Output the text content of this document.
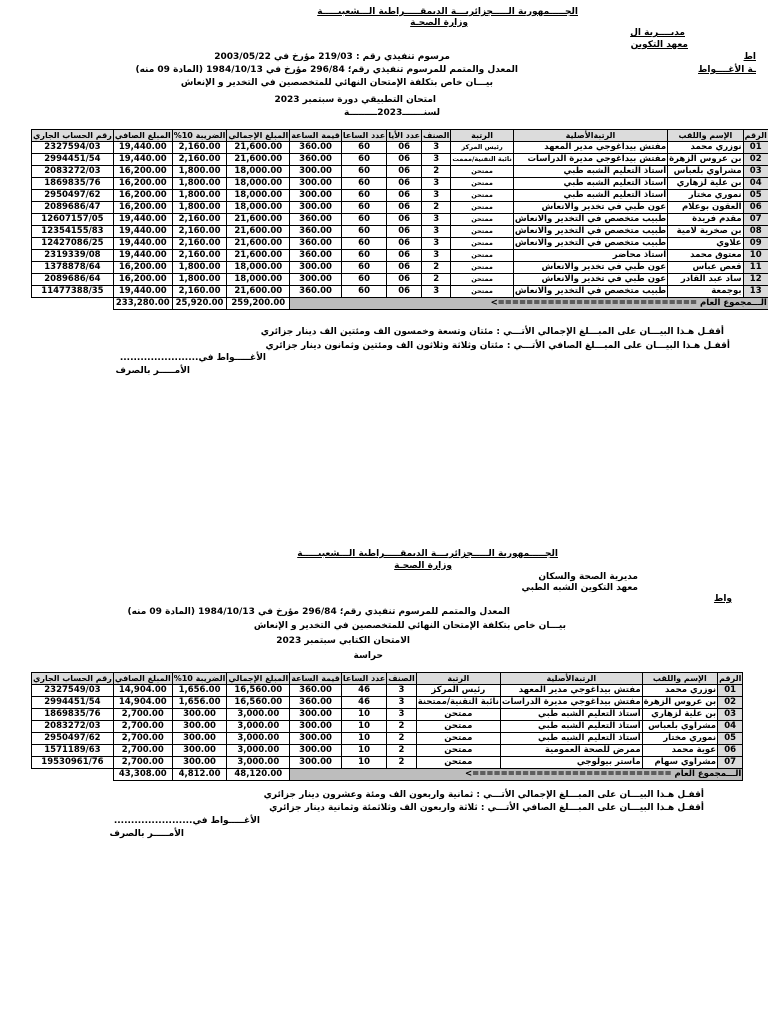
الجـــــمهورية الـــــجزائريـــة الديمقـــــراطية الـــشعبيـــــة
وزارة الصحـة
مديــــرية ال
معهد التكوين
اط
مرسوم تنفيذي رقم : 219/03 مؤرخ في 2003/05/22
المعدل والمتمم للمرسوم تنفيذي رقم؛ 296/84 مؤرخ في 1984/10/13 (المادة 09 منه)	ـة الأغــــواط
بيـــان خاص بتكلفة الإمتحان النهائي للمتخصصين في التخدير و الإنعاش
امتحان التطبيقي دورة سبتمبر 2023
لسنـــــــ2023ـــــــــة
رقم الحساب الجاري	المبلغ الصافي	%الضريبة 10	المبلغ الإجمالي	قيمة الساعة	عدد الساعا	عدد الأيا	الصنف	الرتبة	الرتبةالأصلية	الإسم واللقب	الرقم
2327594/03	19,440.00	2,160.00	21,600.00	360.00	60	06	3	رئيس المركز	مفتش بيداغوجي مدير المعهد	نوزري محمد	01
2994451/54	19,440.00	2,160.00	21,600.00	360.00	60	06	3	نائبة التقنية/مممت	مفتش بيداغوجي مديرة الدراسات	بن عروس الزهرة	02
2083272/03	16,200.00	1,800.00	18,000.00	300.00	60	06	2	ممتحن	أستاذ التعليم الشبه طبي	مشراوي بلعباس	03
1869835/76	16,200.00	1,800.00	18,000.00	300.00	60	06	3	ممتحن	أستاذ التعليم الشبه طبي	بن علية لزهاري	04
2950497/62	16,200.00	1,800.00	18,000.00	300.00	60	06	3	ممتحن	أستاذ التعليم الشبه طبي	نموري مختار	05
2089686/47	16,200.00	1,800.00	18,000.00	300.00	60	06	2	ممتحن	عون طبي في تخدير والانعاش	العقون بوعلام	06
12607157/05	19,440.00	2,160.00	21,600.00	360.00	60	06	3	ممتحن	طبيب متخصص في التخدير والانعاش	مقدم فريدة	07
12354155/83	19,440.00	2,160.00	21,600.00	360.00	60	06	3	ممتحن	طبيب متخصص في التخدير والانعاش	بن صخرية لامية	08
12427086/25	19,440.00	2,160.00	21,600.00	360.00	60	06	3	ممتحن	طبيب متخصص في التخدير والانعاش	علاوي	09
2319339/08	19,440.00	2,160.00	21,600.00	360.00	60	06	3	ممتحن	استاذ محاضر	معتوق محمد	10
1378878/64	16,200.00	1,800.00	18,000.00	300.00	60	06	2	ممتحن	عون طبي في تخدير والانعاش	قعص عباس	11
2089686/64	16,200.00	1,800.00	18,000.00	300.00	60	06	2	ممتحن	عون طبي في تخدير والانعاش	ساد عبد القادر	12
11477388/35	19,440.00	2,160.00	21,600.00	360.00	60	06	3	ممتحن	طبيب متخصص في التخدير والانعاش	بوجمعة	13
	233,280.00	25,920.00	259,200.00	الـــمجموع العام ============================>							
أقفـل هـذا البيـــان على المبـــلغ الإجمالي الأتـــي : مئتان وتسعة وخمسون الف ومئتين الف دينار جزائري
أقفـل هـذا البيـــان على المبـــلغ الصافي الأتـــي : مئتان وثلاثة وثلاثون الف ومئتين وثمانون دينار جزائري
الأغـــــواط في.......................
الأمـــــر بالصرف
الجـــــمهورية الـــــجزائريـــة الديمقـــــراطية الـــشعبيـــــة
وزارة الصحـة
مديرية الصحة والسكان
معهد التكوين الشبه الطبي
واط
المعدل والمتمم للمرسوم تنفيذي رقم؛ 296/84 مؤرخ في 1984/10/13 (المادة 09 منه)
بيـــان خاص بتكلفة الإمتحان النهائي للمتخصصين في التخدير و الإنعاش
الامتحان الكتابي سبتمبر 2023
حراسة
رقم الحساب الجاري	المبلغ الصافي	%الضريبة 10	المبلغ الإجمالي	قيمة الساعة	عدد الساعا	الصنف	الرتبة	الرتبةالأصلية	الإسم واللقب	الرقم
2327549/03	14,904.00	1,656.00	16,560.00	360.00	46	3	رئيس المركز	مفتش بيداغوجي مدير المعهد	نوزري محمد	01
2994451/54	14,904.00	1,656.00	16,560.00	360.00	46	3	نائبة التقنية/ممتحنة	مفتش بيداغوجي مديرة الدراسات	بن عروس الزهرة	02
1869835/76	2,700.00	300.00	3,000.00	300.00	10	3	ممتحن	أستاذ التعليم الشبه طبي	بن علية لزهاري	03
2083272/03	2,700.00	300.00	3,000.00	300.00	10	2	ممتحن	أستاذ التعليم الشبه طبي	مشراوي بلعباس	04
2950497/62	2,700.00	300.00	3,000.00	300.00	10	2	ممتحن	أستاذ التعليم الشبه طبي	نموري مختار	05
1571189/63	2,700.00	300.00	3,000.00	300.00	10	2	ممتحن	ممرض للصحة العمومية	عوية محمد	06
19530961/76	2,700.00	300.00	3,000.00	300.00	10	2	ممتحن	ماستر بيولوجي	مشراوي سهام	07
	43,308.00	4,812.00	48,120.00	الـــمجموع العام ============================>						
أقفـل هـذا البيـــان على المبـــلغ الإجمالي الأتـــي : ثمانية واربعون الف ومئة وعشرون دينار جزائري
أقفـل هـذا البيـــان على المبـــلغ الصافي الأتـــي : ثلاثة واربعون الف وثلاثمئة وثمانية دينار جزائري
الأغـــــواط في.......................
الأمـــــر بالصرف
